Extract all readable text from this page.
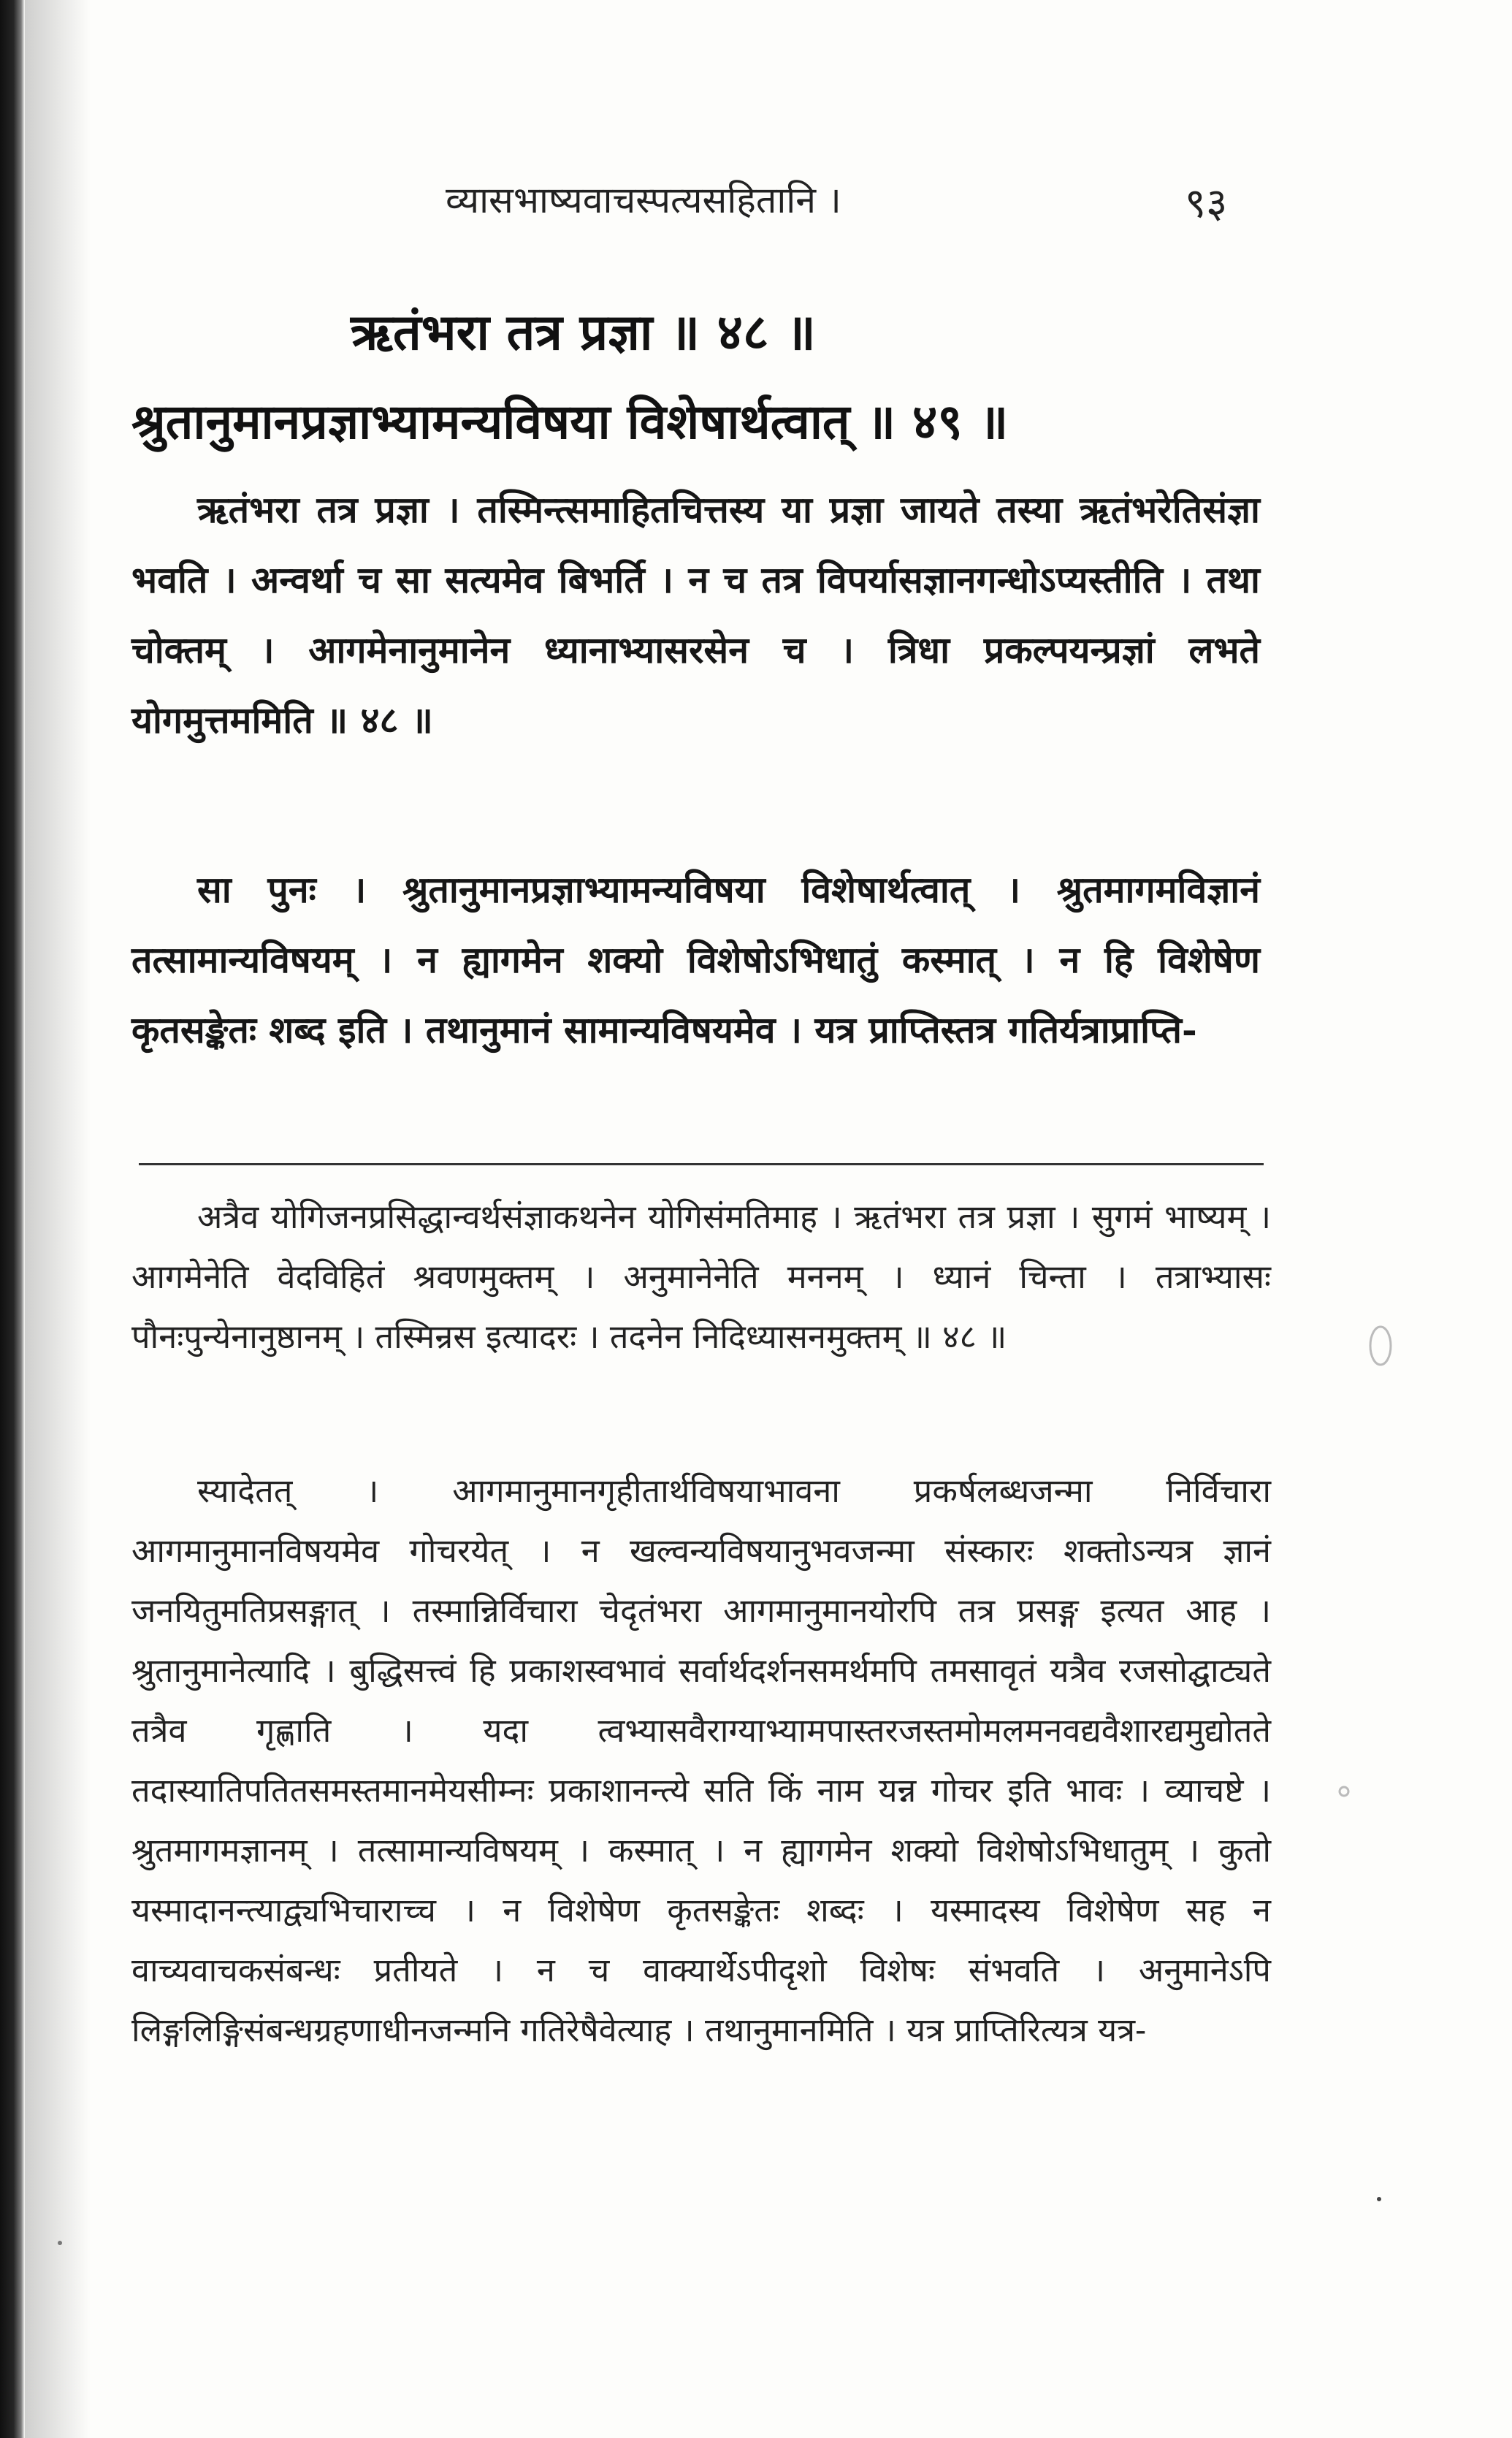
व्यासभाष्यवाचस्पत्यसहितानि ।	९३
ऋतंभरा तत्र प्रज्ञा ॥ ४८ ॥
श्रुतानुमानप्रज्ञाभ्यामन्यविषया विशेषार्थत्वात् ॥ ४९ ॥
ऋतंभरा तत्र प्रज्ञा । तस्मिन्त्समाहितचित्तस्य या प्रज्ञा जायते तस्या ऋतंभरेतिसंज्ञा भवति । अन्वर्था च सा सत्यमेव बिभर्ति । न च तत्र विपर्यासज्ञानगन्धोऽप्यस्तीति । तथा चोक्तम् । आगमेनानुमानेन ध्यानाभ्यासरसेन च । त्रिधा प्रकल्पयन्प्रज्ञां लभते योगमुत्तममिति ॥ ४८ ॥
सा पुनः । श्रुतानुमानप्रज्ञाभ्यामन्यविषया विशेषार्थत्वात् । श्रुतमागमविज्ञानं तत्सामान्यविषयम् । न ह्यागमेन शक्यो विशेषोऽभिधातुं कस्मात् । न हि विशेषेण कृतसङ्केतः शब्द इति । तथानुमानं सामान्यविषयमेव । यत्र प्राप्तिस्तत्र गतिर्यत्राप्राप्ति-
अत्रैव योगिजनप्रसिद्धान्वर्थसंज्ञाकथनेन योगिसंमतिमाह । ऋतंभरा तत्र प्रज्ञा । सुगमं भाष्यम् । आगमेनेति वेदविहितं श्रवणमुक्तम् । अनुमानेनेति मननम् । ध्यानं चिन्ता । तत्राभ्यासः पौनःपुन्येनानुष्ठानम् । तस्मिन्रस इत्यादरः । तदनेन निदिध्यासनमुक्तम् ॥ ४८ ॥
स्यादेतत् । आगमानुमानगृहीतार्थविषयाभावना प्रकर्षलब्धजन्मा निर्विचारा आगमानुमानविषयमेव गोचरयेत् । न खल्वन्यविषयानुभवजन्मा संस्कारः शक्तोऽन्यत्र ज्ञानं जनयितुमतिप्रसङ्गात् । तस्मान्निर्विचारा चेदृतंभरा आगमानुमानयोरपि तत्र प्रसङ्ग इत्यत आह । श्रुतानुमानेत्यादि । बुद्धिसत्त्वं हि प्रकाशस्वभावं सर्वार्थदर्शनसमर्थमपि तमसावृतं यत्रैव रजसोद्घाट्यते तत्रैव गृह्णाति । यदा त्वभ्यासवैराग्याभ्यामपास्तरजस्तमोमलमनवद्यवैशारद्यमुद्योतते तदास्यातिपतितसमस्तमानमेयसीम्नः प्रकाशानन्त्ये सति किं नाम यन्न गोचर इति भावः । व्याचष्टे । श्रुतमागमज्ञानम् । तत्सामान्यविषयम् । कस्मात् । न ह्यागमेन शक्यो विशेषोऽभिधातुम् । कुतो यस्मादानन्त्याद्व्यभिचाराच्च । न विशेषेण कृतसङ्केतः शब्दः । यस्मादस्य विशेषेण सह न वाच्यवाचकसंबन्धः प्रतीयते । न च वाक्यार्थेऽपीदृशो विशेषः संभवति । अनुमानेऽपि लिङ्गलिङ्गिसंबन्धग्रहणाधीनजन्मनि गतिरेषैवेत्याह । तथानुमानमिति । यत्र प्राप्तिरित्यत्र यत्र-
